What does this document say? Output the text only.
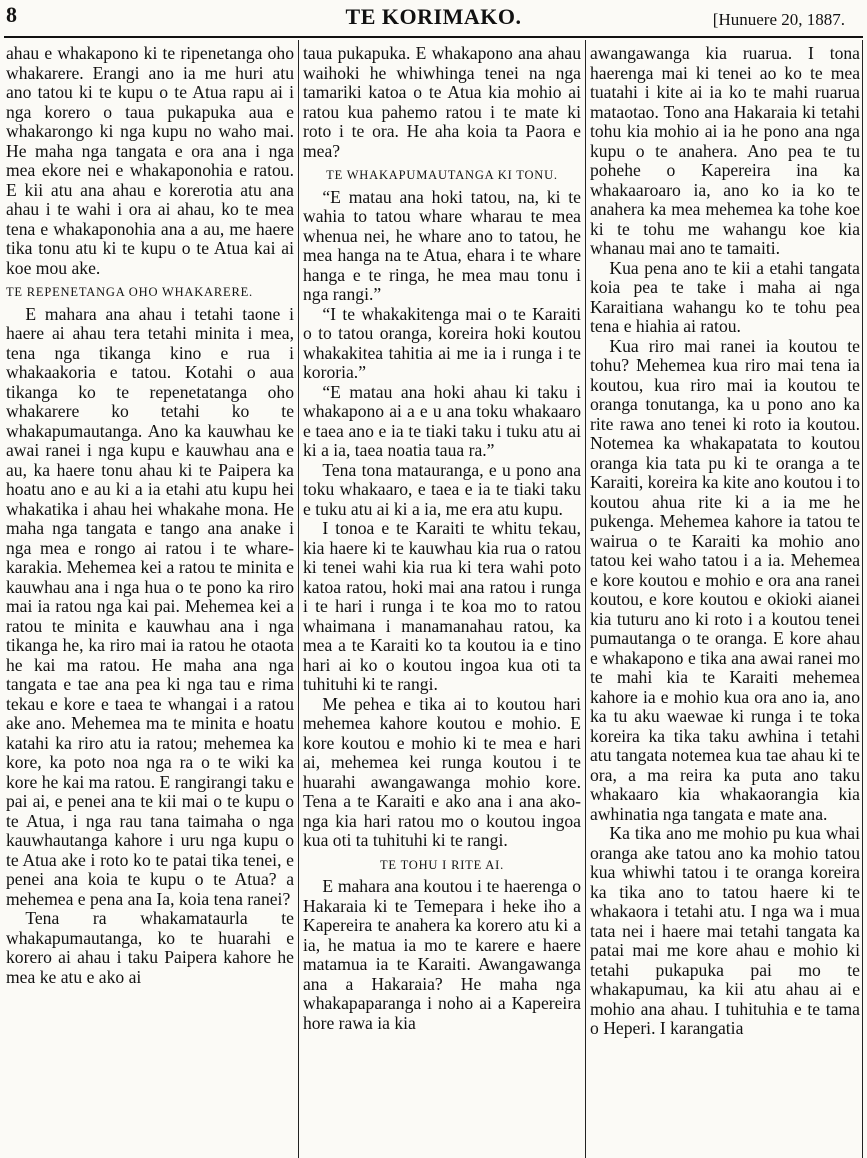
8	TE KORIMAKO.	[Hunuere 20, 1887.

ahau e whakapono ki te ripenetanga oho whakarere. Erangi ano ia me huri atu ano tatou ki te kupu o te Atua rapu ai i nga korero o taua pukapuka aua e whakarongo ki nga kupu no waho mai. He maha nga tangata e ora ana i nga mea ekore nei e whakaponohia e ratou. E kii atu ana ahau e korerotia atu ana ahau i te wahi i ora ai ahau, ko te mea tena e whakaponohia ana a au, me haere tika tonu atu ki te kupu o te Atua kai ai koe mou ake.

TE REPENETANGA OHO WHAKARERE.

E mahara ana ahau i tetahi taone i haere ai ahau tera tetahi minita i mea, tena nga tikanga kino e rua i whakaakoria e tatou. Kotahi o aua tikanga ko te repenetatanga oho whakarere ko tetahi ko te whakapumautanga. Ano ka kauwhau ke awai ranei i nga kupu e kauwhau ana e au, ka haere tonu ahau ki te Paipera ka hoatu ano e au ki a ia etahi atu kupu hei whakatika i ahau hei whakahe mona. He maha nga tangata e tango ana anake i nga mea e rongo ai ratou i te whare-karakia. Mehemea kei a ratou te minita e kauwhau ana i nga hua o te pono ka riro mai ia ratou nga kai pai. Mehemea kei a ratou te minita e kauwhau ana i nga tikanga he, ka riro mai ia ratou he otaota he kai ma ratou. He maha ana nga tangata e tae ana pea ki nga tau e rima tekau e kore e taea te whangai i a ratou ake ano. Mehemea ma te minita e hoatu katahi ka riro atu ia ratou; mehemea ka kore, ka poto noa nga ra o te wiki ka kore he kai ma ratou. E rangirangi taku e pai ai, e penei ana te kii mai o te kupu o te Atua, i nga rau tana taimaha o nga kauwhautanga kahore i uru nga kupu o te Atua ake i roto ko te patai tika tenei, e penei ana koia te kupu o te Atua? a mehemea e pena ana Ia, koia tena ranei?

Tena ra whakamataurla te whakapumautanga, ko te huarahi e korero ai ahau i taku Paipera kahore he mea ke atu e ako ai

taua pukapuka. E whakapono ana ahau waihoki he whiwhinga tenei na nga tamariki katoa o te Atua kia mohio ai ratou kua pahemo ratou i te mate ki roto i te ora. He aha koia ta Paora e mea?

TE WHAKAPUMAUTANGA KI TONU.

“E matau ana hoki tatou, na, ki te wahia to tatou whare wharau te mea whenua nei, he whare ano to tatou, he mea hanga na te Atua, ehara i te whare hanga e te ringa, he mea mau tonu i nga rangi.”

“I te whakakitenga mai o te Karaiti o to tatou oranga, koreira hoki koutou whakakitea tahitia ai me ia i runga i te kororia.”

“E matau ana hoki ahau ki taku i whakapono ai a e u ana toku whakaaro e taea ano e ia te tiaki taku i tuku atu ai ki a ia, taea noatia taua ra.”

Tena tona matauranga, e u pono ana toku whakaaro, e taea e ia te tiaki taku e tuku atu ai ki a ia, me era atu kupu.

I tonoa e te Karaiti te whitu tekau, kia haere ki te kauwhau kia rua o ratou ki tenei wahi kia rua ki tera wahi poto katoa ratou, hoki mai ana ratou i runga i te hari i runga i te koa mo to ratou whaimana i manamanahau ratou, ka mea a te Karaiti ko ta koutou ia e tino hari ai ko o koutou ingoa kua oti ta tuhituhi ki te rangi.

Me pehea e tika ai to koutou hari mehemea kahore koutou e mohio. E kore koutou e mohio ki te mea e hari ai, mehemea kei runga koutou i te huarahi awangawanga mohio kore. Tena a te Karaiti e ako ana i ana akonga kia hari ratou mo o koutou ingoa kua oti ta tuhituhi ki te rangi.

TE TOHU I RITE AI.

E mahara ana koutou i te haerenga o Hakaraia ki te Temepara i heke iho a Kapereira te anahera ka korero atu ki a ia, he matua ia mo te karere e haere matamua ia te Karaiti. Awangawanga ana a Hakaraia? He maha nga whakapaparanga i noho ai a Kapereira hore rawa ia kia

awangawanga kia ruarua. I tona haerenga mai ki tenei ao ko te mea tuatahi i kite ai ia ko te mahi ruarua mataotao. Tono ana Hakaraia ki tetahi tohu kia mohio ai ia he pono ana nga kupu o te anahera. Ano pea te tu pohehe o Kapereira ina ka whakaaroaro ia, ano ko ia ko te anahera ka mea mehemea ka tohe koe ki te tohu me wahangu koe kia whanau mai ano te tamaiti.

Kua pena ano te kii a etahi tangata koia pea te take i maha ai nga Karaitiana wahangu ko te tohu pea tena e hiahia ai ratou.

Kua riro mai ranei ia koutou te tohu? Mehemea kua riro mai tena ia koutou, kua riro mai ia koutou te oranga tonutanga, ka u pono ano ka rite rawa ano tenei ki roto ia koutou. Notemea ka whakapatata to koutou oranga kia tata pu ki te oranga a te Karaiti, koreira ka kite ano koutou i to koutou ahua rite ki a ia me he pukenga. Mehemea kahore ia tatou te wairua o te Karaiti ka mohio ano tatou kei waho tatou i a ia. Mehemea e kore koutou e mohio e ora ana ranei koutou, e kore koutou e okioki aianei kia tuturu ano ki roto i a koutou tenei pumautanga o te oranga. E kore ahau e whakapono e tika ana awai ranei mo te mahi kia te Karaiti mehemea kahore ia e mohio kua ora ano ia, ano ka tu aku waewae ki runga i te toka koreira ka tika taku awhina i tetahi atu tangata notemea kua tae ahau ki te ora, a ma reira ka puta ano taku whakaaro kia whakaorangia kia awhinatia nga tangata e mate ana.

Ka tika ano me mohio pu kua whai oranga ake tatou ano ka mohio tatou kua whiwhi tatou i te oranga koreira ka tika ano to tatou haere ki te whakaora i tetahi atu. I nga wa i mua tata nei i haere mai tetahi tangata ka patai mai me kore ahau e mohio ki tetahi pukapuka pai mo te whakapumau, ka kii atu ahau ai e mohio ana ahau. I tuhituhia e te tama o Heperi. I karangatia
